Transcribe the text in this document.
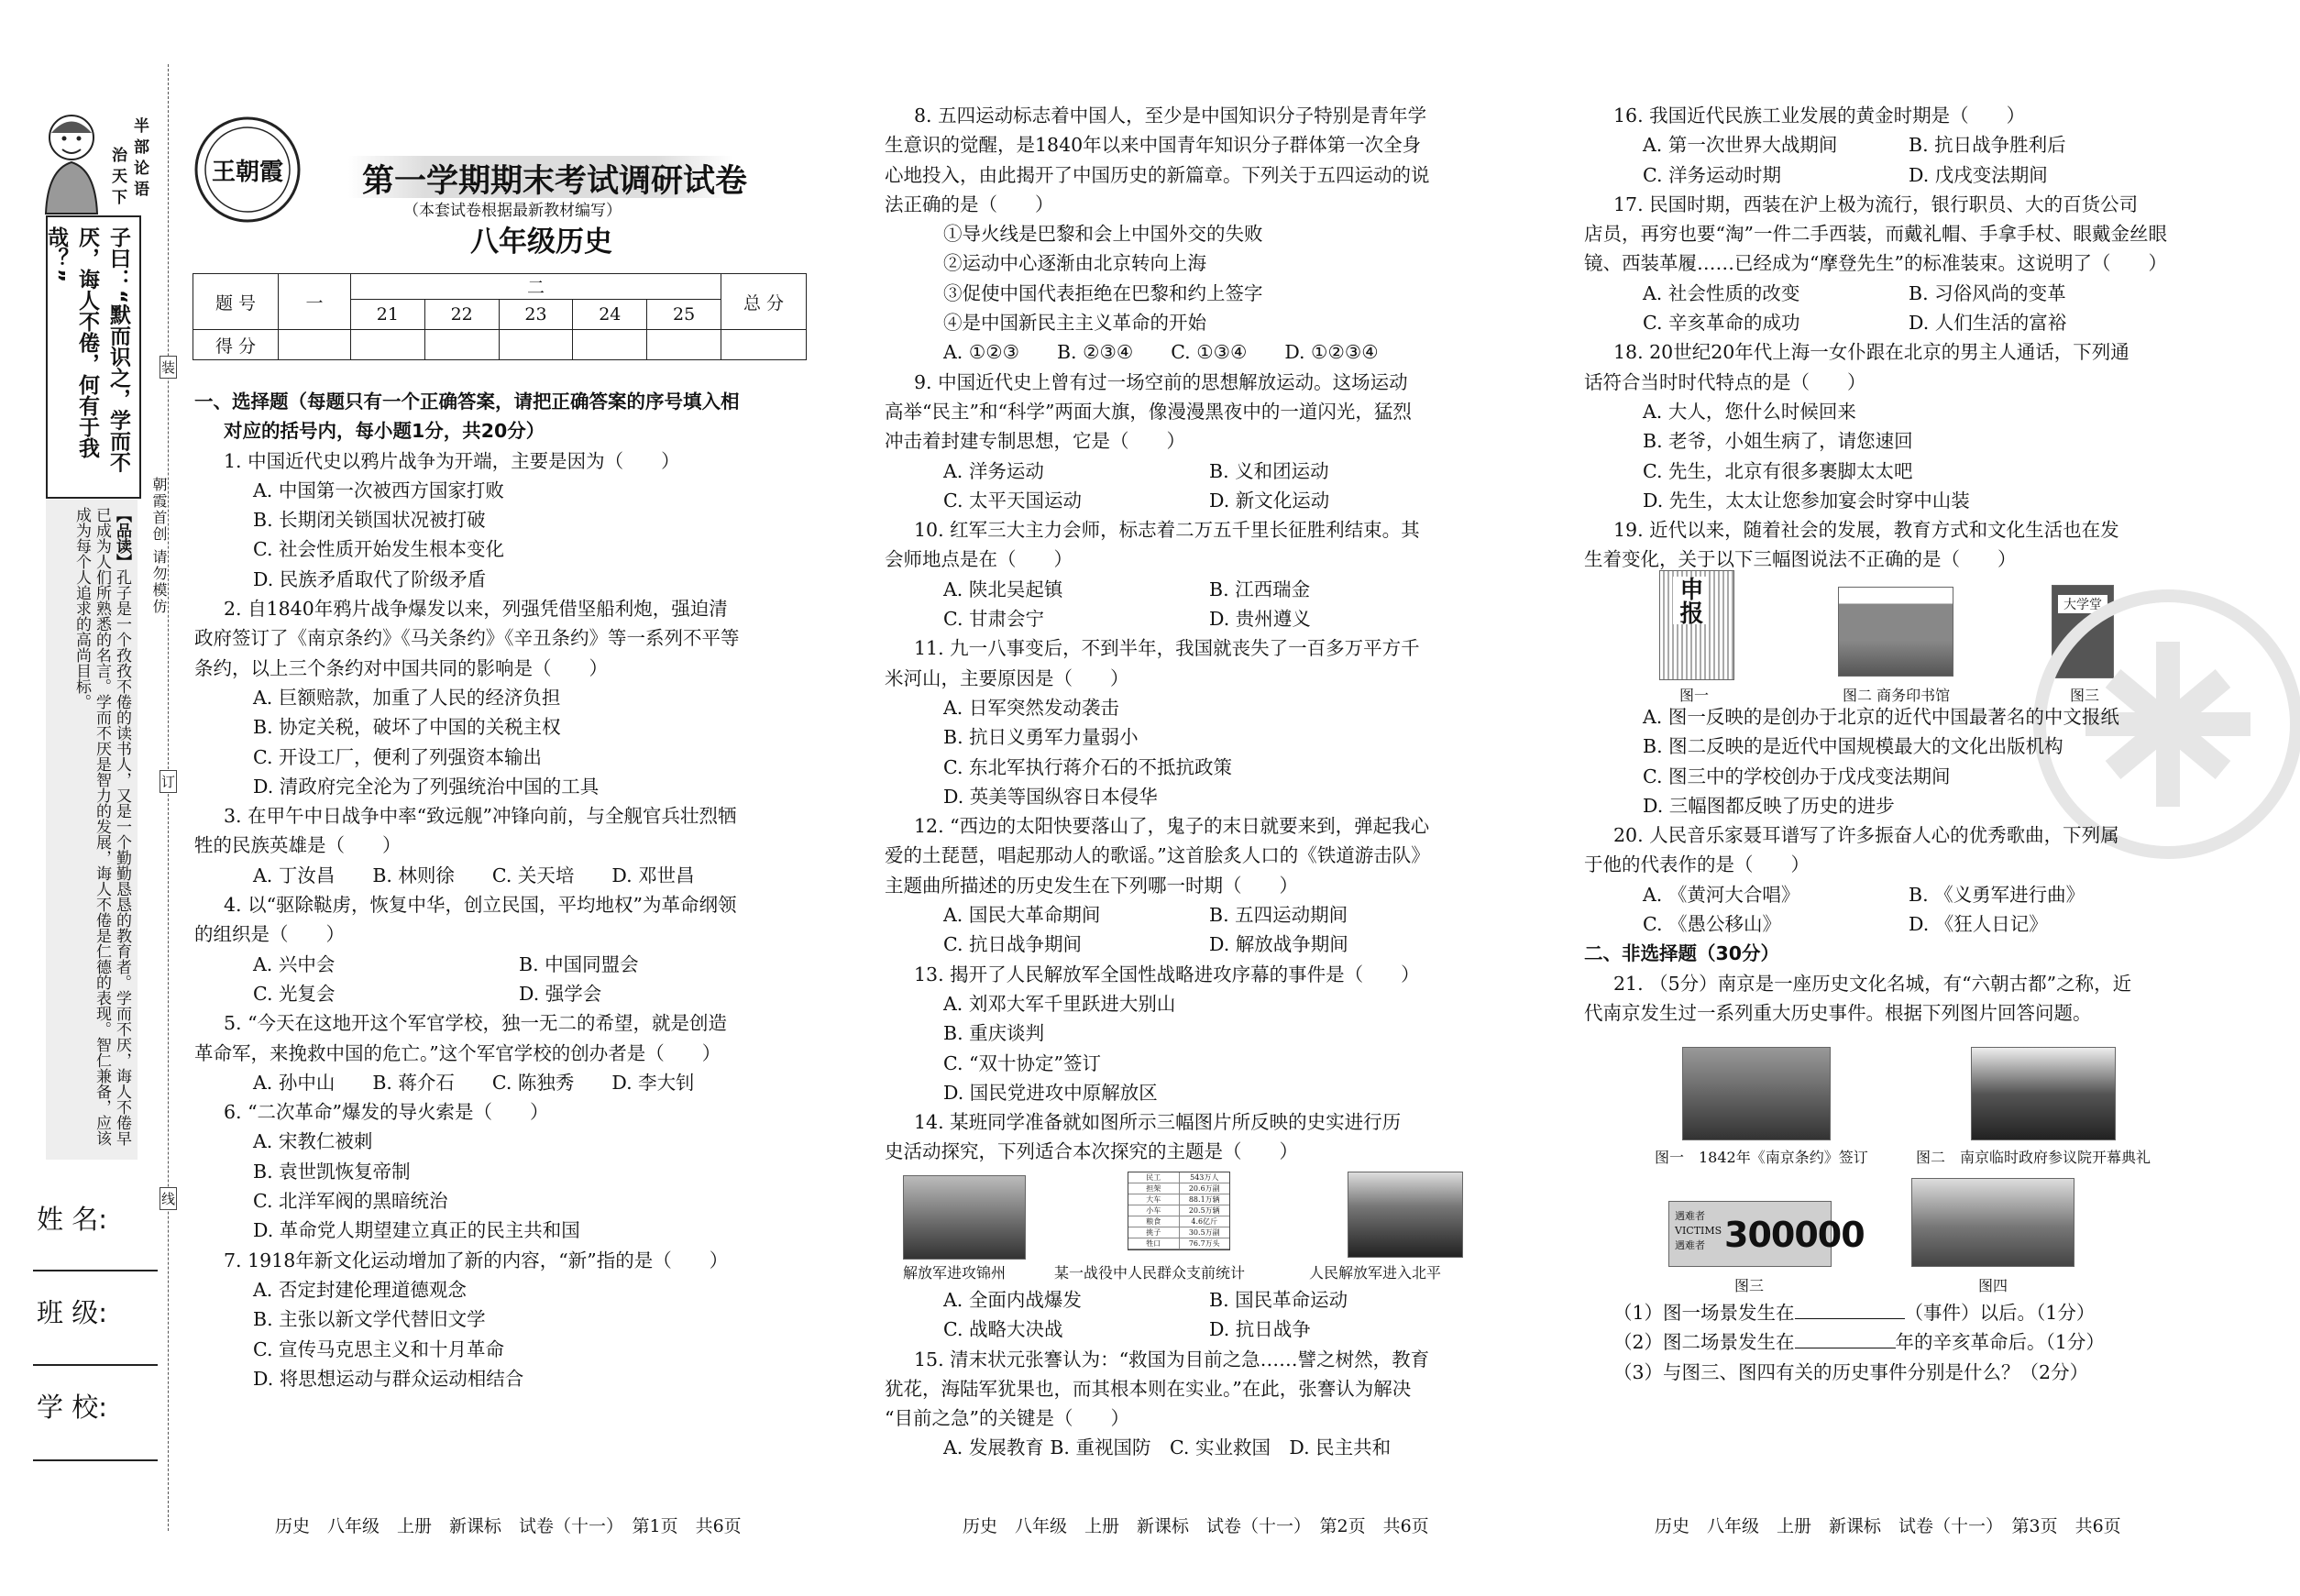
半部论语
治天下
子曰：“默而识之，学而不厌，诲人不倦，何有于我哉？”
【品读】孔子是一个孜孜不倦的读书人，又是一个勤勤恳恳的教育者。学而不厌，诲人不倦早已成为人们所熟悉的名言。学而不厌是智力的发展，诲人不倦是仁德的表现。智仁兼备，应该成为每个人追求的高尚目标。	朝霞首创 请勿模仿
装
订
线
姓 名:
班 级:
学 校:
王朝霞 第一学期期末考试调研试卷
（本套试卷根据最新教材编写）
八年级历史
题 号	一	二					总 分
		21	22	23	24	25	
得 分							

一、选择题（每题只有一个正确答案，请把正确答案的序号填入相

对应的括号内，每小题1分，共20分）

1. 中国近代史以鸦片战争为开端，主要是因为（　　）

A. 中国第一次被西方国家打败

B. 长期闭关锁国状况被打破

C. 社会性质开始发生根本变化

D. 民族矛盾取代了阶级矛盾

2. 自1840年鸦片战争爆发以来，列强凭借坚船利炮，强迫清

政府签订了《南京条约》《马关条约》《辛丑条约》等一系列不平等

条约，以上三个条约对中国共同的影响是（　　）

A. 巨额赔款，加重了人民的经济负担

B. 协定关税，破坏了中国的关税主权

C. 开设工厂，便利了列强资本输出

D. 清政府完全沦为了列强统治中国的工具

3. 在甲午中日战争中率“致远舰”冲锋向前，与全舰官兵壮烈牺

牲的民族英雄是（　　）

A. 丁汝昌　　B. 林则徐　　C. 关天培　　D. 邓世昌

4. 以“驱除鞑虏，恢复中华，创立民国，平均地权”为革命纲领

的组织是（　　）

A. 兴中会	B. 中国同盟会

C. 光复会	D. 强学会

5. “今天在这地开这个军官学校，独一无二的希望，就是创造

革命军，来挽救中国的危亡。”这个军官学校的创办者是（　　）

A. 孙中山　　B. 蒋介石　　C. 陈独秀　　D. 李大钊

6. “二次革命”爆发的导火索是（　　）

A. 宋教仁被刺

B. 袁世凯恢复帝制

C. 北洋军阀的黑暗统治

D. 革命党人期望建立真正的民主共和国

7. 1918年新文化运动增加了新的内容，“新”指的是（　　）

A. 否定封建伦理道德观念

B. 主张以新文学代替旧文学

C. 宣传马克思主义和十月革命

D. 将思想运动与群众运动相结合

8. 五四运动标志着中国人，至少是中国知识分子特别是青年学

生意识的觉醒，是1840年以来中国青年知识分子群体第一次全身

心地投入，由此揭开了中国历史的新篇章。下列关于五四运动的说

法正确的是（　　）

①导火线是巴黎和会上中国外交的失败

②运动中心逐渐由北京转向上海

③促使中国代表拒绝在巴黎和约上签字

④是中国新民主主义革命的开始

A. ①②③　　B. ②③④　　C. ①③④　　D. ①②③④

9. 中国近代史上曾有过一场空前的思想解放运动。这场运动

高举“民主”和“科学”两面大旗，像漫漫黑夜中的一道闪光，猛烈

冲击着封建专制思想，它是（　　）

A. 洋务运动	B. 义和团运动

C. 太平天国运动	D. 新文化运动

10. 红军三大主力会师，标志着二万五千里长征胜利结束。其

会师地点是在（　　）

A. 陕北吴起镇	B. 江西瑞金

C. 甘肃会宁	D. 贵州遵义

11. 九一八事变后，不到半年，我国就丧失了一百多万平方千

米河山，主要原因是（　　）

A. 日军突然发动袭击

B. 抗日义勇军力量弱小

C. 东北军执行蒋介石的不抵抗政策

D. 英美等国纵容日本侵华

12. “西边的太阳快要落山了，鬼子的末日就要来到，弹起我心

爱的土琵琶，唱起那动人的歌谣。”这首脍炙人口的《铁道游击队》

主题曲所描述的历史发生在下列哪一时期（　　）

A. 国民大革命期间	B. 五四运动期间

C. 抗日战争期间	D. 解放战争期间

13. 揭开了人民解放军全国性战略进攻序幕的事件是（　　）

A. 刘邓大军千里跃进大别山

B. 重庆谈判

C. “双十协定”签订

D. 国民党进攻中原解放区

14. 某班同学准备就如图所示三幅图片所反映的史实进行历

史活动探究，下列适合本次探究的主题是（　　）

解放军进攻锦州
民工	543万人
担架	20.6万副
大车	88.1万辆
小车	20.5万辆
粮食	4.6亿斤
挑子	30.5万副
牲口	76.7万头
某一战役中人民群众支前统计	人民解放军进入北平

A. 全面内战爆发	B. 国民革命运动

C. 战略大决战	D. 抗日战争

15. 清末状元张謇认为：“救国为目前之急……譬之树然，教育

犹花，海陆军犹果也，而其根本则在实业。”在此，张謇认为解决

“目前之急”的关键是（　　）

A. 发展教育 B. 重视国防　C. 实业救国　D. 民主共和

16. 我国近代民族工业发展的黄金时期是（　　）

A. 第一次世界大战期间	B. 抗日战争胜利后

C. 洋务运动时期	D. 戊戌变法期间

17. 民国时期，西装在沪上极为流行，银行职员、大的百货公司

店员，再穷也要“淘”一件二手西装，而戴礼帽、手拿手杖、眼戴金丝眼

镜、西装革履……已经成为“摩登先生”的标准装束。这说明了（　　）

A. 社会性质的改变	B. 习俗风尚的变革

C. 辛亥革命的成功	D. 人们生活的富裕

18. 20世纪20年代上海一女仆跟在北京的男主人通话，下列通

话符合当时时代特点的是（　　）

A. 大人，您什么时候回来

B. 老爷，小姐生病了，请您速回

C. 先生，北京有很多裹脚太太吧

D. 先生，太太让您参加宴会时穿中山装

19. 近代以来，随着社会的发展，教育方式和文化生活也在发

生着变化，关于以下三幅图说法不正确的是（　　）

申报
图一	图二 商务印书馆
大学堂
图三

A. 图一反映的是创办于北京的近代中国最著名的中文报纸

B. 图二反映的是近代中国规模最大的文化出版机构

C. 图三中的学校创办于戊戌变法期间

D. 三幅图都反映了历史的进步

20. 人民音乐家聂耳谱写了许多振奋人心的优秀歌曲，下列属

于他的代表作的是（　　）

A. 《黄河大合唱》	B. 《义勇军进行曲》

C. 《愚公移山》	D. 《狂人日记》

二、非选择题（30分）

21. （5分）南京是一座历史文化名城，有“六朝古都”之称，近

代南京发生过一系列重大历史事件。根据下列图片回答问题。

图一　1842年《南京条约》签订	图二　南京临时政府参议院开幕典礼
遇难者 VICTIMS 遇难者 300000
图三	图四
（1）图一场景发生在	（事件）以后。（1分）
（2）图二场景发生在	年的辛亥革命后。（1分）
（3）与图三、图四有关的历史事件分别是什么？（2分）
历史　八年级　上册　新课标　试卷（十一）　第1页　共6页	历史　八年级　上册　新课标　试卷（十一）　第2页　共6页	历史　八年级　上册　新课标　试卷（十一）　第3页　共6页
